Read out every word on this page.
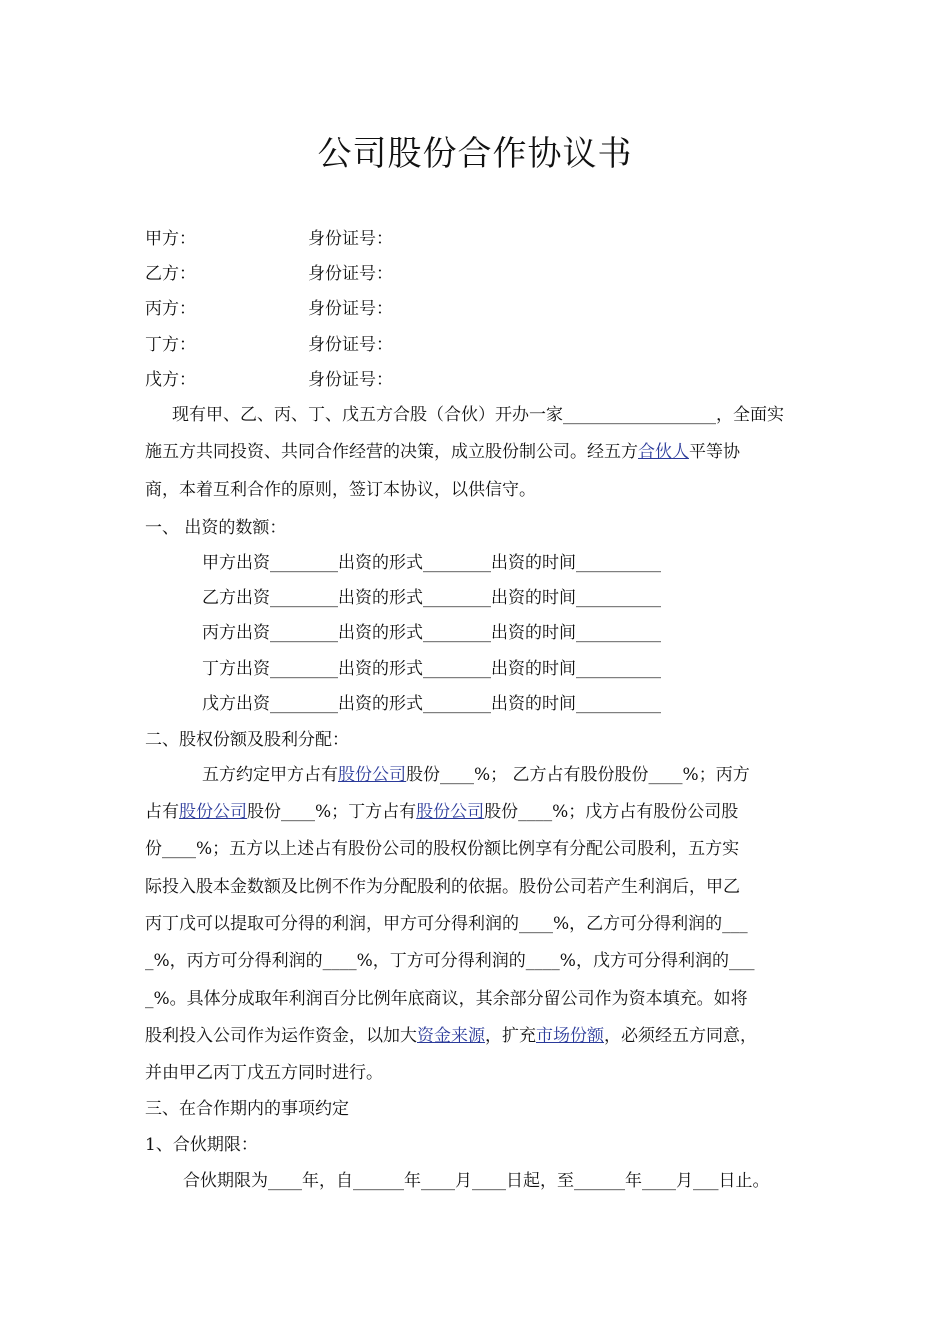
公司股份合作协议书
甲方：	身份证号：
乙方：	身份证号：
丙方：	身份证号：
丁方：	身份证号：
戊方：	身份证号：
现有甲、乙、丙、丁、戊五方合股（合伙）开办一家__________________，全面实
施五方共同投资、共同合作经营的决策，成立股份制公司。经五方合伙人平等协
商，本着互利合作的原则，签订本协议，以供信守。
一、 出资的数额：
甲方出资________出资的形式________出资的时间__________
乙方出资________出资的形式________出资的时间__________
丙方出资________出资的形式________出资的时间__________
丁方出资________出资的形式________出资的时间__________
戊方出资________出资的形式________出资的时间__________
二、股权份额及股利分配：
五方约定甲方占有股份公司股份____%； 乙方占有股份股份____%；丙方
占有股份公司股份____%；丁方占有股份公司股份____%；戊方占有股份公司股
份____%；五方以上述占有股份公司的股权份额比例享有分配公司股利，五方实
际投入股本金数额及比例不作为分配股利的依据。股份公司若产生利润后，甲乙
丙丁戊可以提取可分得的利润，甲方可分得利润的____%，乙方可分得利润的___
_%，丙方可分得利润的____%，丁方可分得利润的____%，戊方可分得利润的___
_%。具体分成取年利润百分比例年底商议，其余部分留公司作为资本填充。如将
股利投入公司作为运作资金，以加大资金来源，扩充市场份额，必须经五方同意，
并由甲乙丙丁戊五方同时进行。
三、在合作期内的事项约定
1、合伙期限：
合伙期限为____年，自______年____月____日起，至______年____月___日止。
